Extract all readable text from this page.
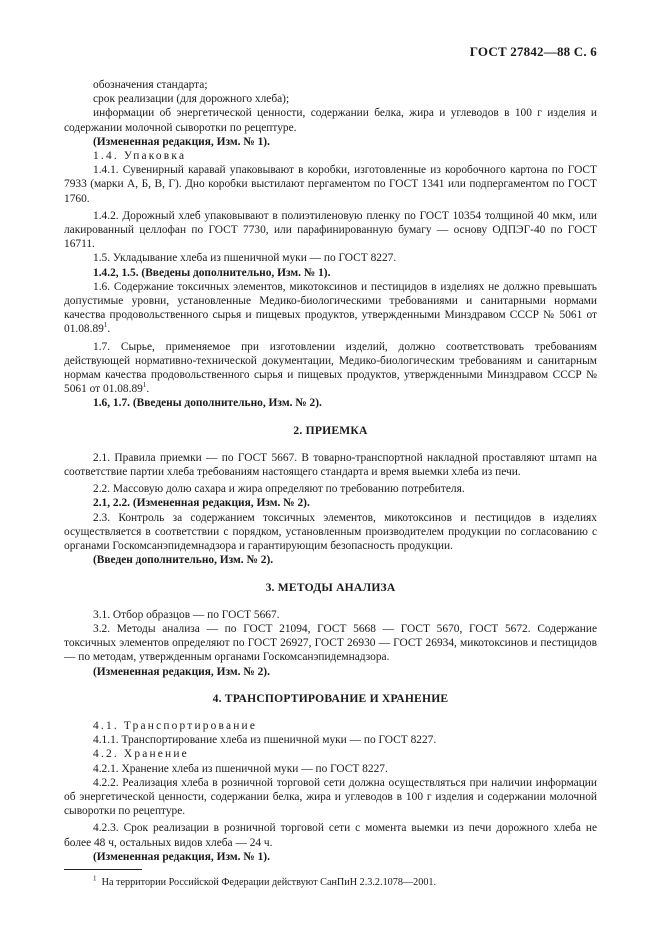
ГОСТ 27842—88 С. 6

обозначения стандарта;

срок реализации (для дорожного хлеба);

информации об энергетической ценности, содержании белка, жира и углеводов в 100 г изделия и содержании молочной сыворотки по рецептуре.

(Измененная редакция, Изм. № 1).

1.4. Упаковка

1.4.1. Сувенирный каравай упаковывают в коробки, изготовленные из коробочного картона по ГОСТ 7933 (марки А, Б, В, Г). Дно коробки выстилают пергаментом по ГОСТ 1341 или подпергаментом по ГОСТ 1760.

1.4.2. Дорожный хлеб упаковывают в полиэтиленовую пленку по ГОСТ 10354 толщиной 40 мкм, или лакированный целлофан по ГОСТ 7730, или парафинированную бумагу — основу ОДПЭГ-40 по ГОСТ 16711.

1.5. Укладывание хлеба из пшеничной муки — по ГОСТ 8227.

1.4.2, 1.5. (Введены дополнительно, Изм. № 1).

1.6. Содержание токсичных элементов, микотоксинов и пестицидов в изделиях не должно превышать допустимые уровни, установленные Медико-биологическими требованиями и санитарными нормами качества продовольственного сырья и пищевых продуктов, утвержденными Минздравом СССР № 5061 от 01.08.89$^1$.

1.7. Сырье, применяемое при изготовлении изделий, должно соответствовать требованиям действующей нормативно-технической документации, Медико-биологическим требованиям и санитарным нормам качества продовольственного сырья и пищевых продуктов, утвержденными Минздравом СССР № 5061 от 01.08.89$^1$.

1.6, 1.7. (Введены дополнительно, Изм. № 2).

2. ПРИЕМКА

2.1. Правила приемки — по ГОСТ 5667. В товарно-транспортной накладной проставляют штамп на соответствие партии хлеба требованиям настоящего стандарта и время выемки хлеба из печи.

2.2. Массовую долю сахара и жира определяют по требованию потребителя.

2.1, 2.2. (Измененная редакция, Изм. № 2).

2.3. Контроль за содержанием токсичных элементов, микотоксинов и пестицидов в изделиях осуществляется в соответствии с порядком, установленным производителем продукции по согласованию с органами Госкомсанэпидемнадзора и гарантирующим безопасность продукции.

(Введен дополнительно, Изм. № 2).

3. МЕТОДЫ АНАЛИЗА

3.1. Отбор образцов — по ГОСТ 5667.

3.2. Методы анализа — по ГОСТ 21094, ГОСТ 5668 — ГОСТ 5670, ГОСТ 5672. Содержание токсичных элементов определяют по ГОСТ 26927, ГОСТ 26930 — ГОСТ 26934, микотоксинов и пестицидов — по методам, утвержденным органами Госкомсанэпидемнадзора.

(Измененная редакция, Изм. № 2).

4. ТРАНСПОРТИРОВАНИЕ И ХРАНЕНИЕ

4.1. Транспортирование

4.1.1. Транспортирование хлеба из пшеничной муки — по ГОСТ 8227.

4.2. Хранение

4.2.1. Хранение хлеба из пшеничной муки — по ГОСТ 8227.

4.2.2. Реализация хлеба в розничной торговой сети должна осуществляться при наличии информации об энергетической ценности, содержании белка, жира и углеводов в 100 г изделия и содержании молочной сыворотки по рецептуре.

4.2.3. Срок реализации в розничной торговой сети с момента выемки из печи дорожного хлеба не более 48 ч, остальных видов хлеба — 24 ч.

(Измененная редакция, Изм. № 1).

$^1$ На территории Российской Федерации действуют СанПиН 2.3.2.1078—2001.
